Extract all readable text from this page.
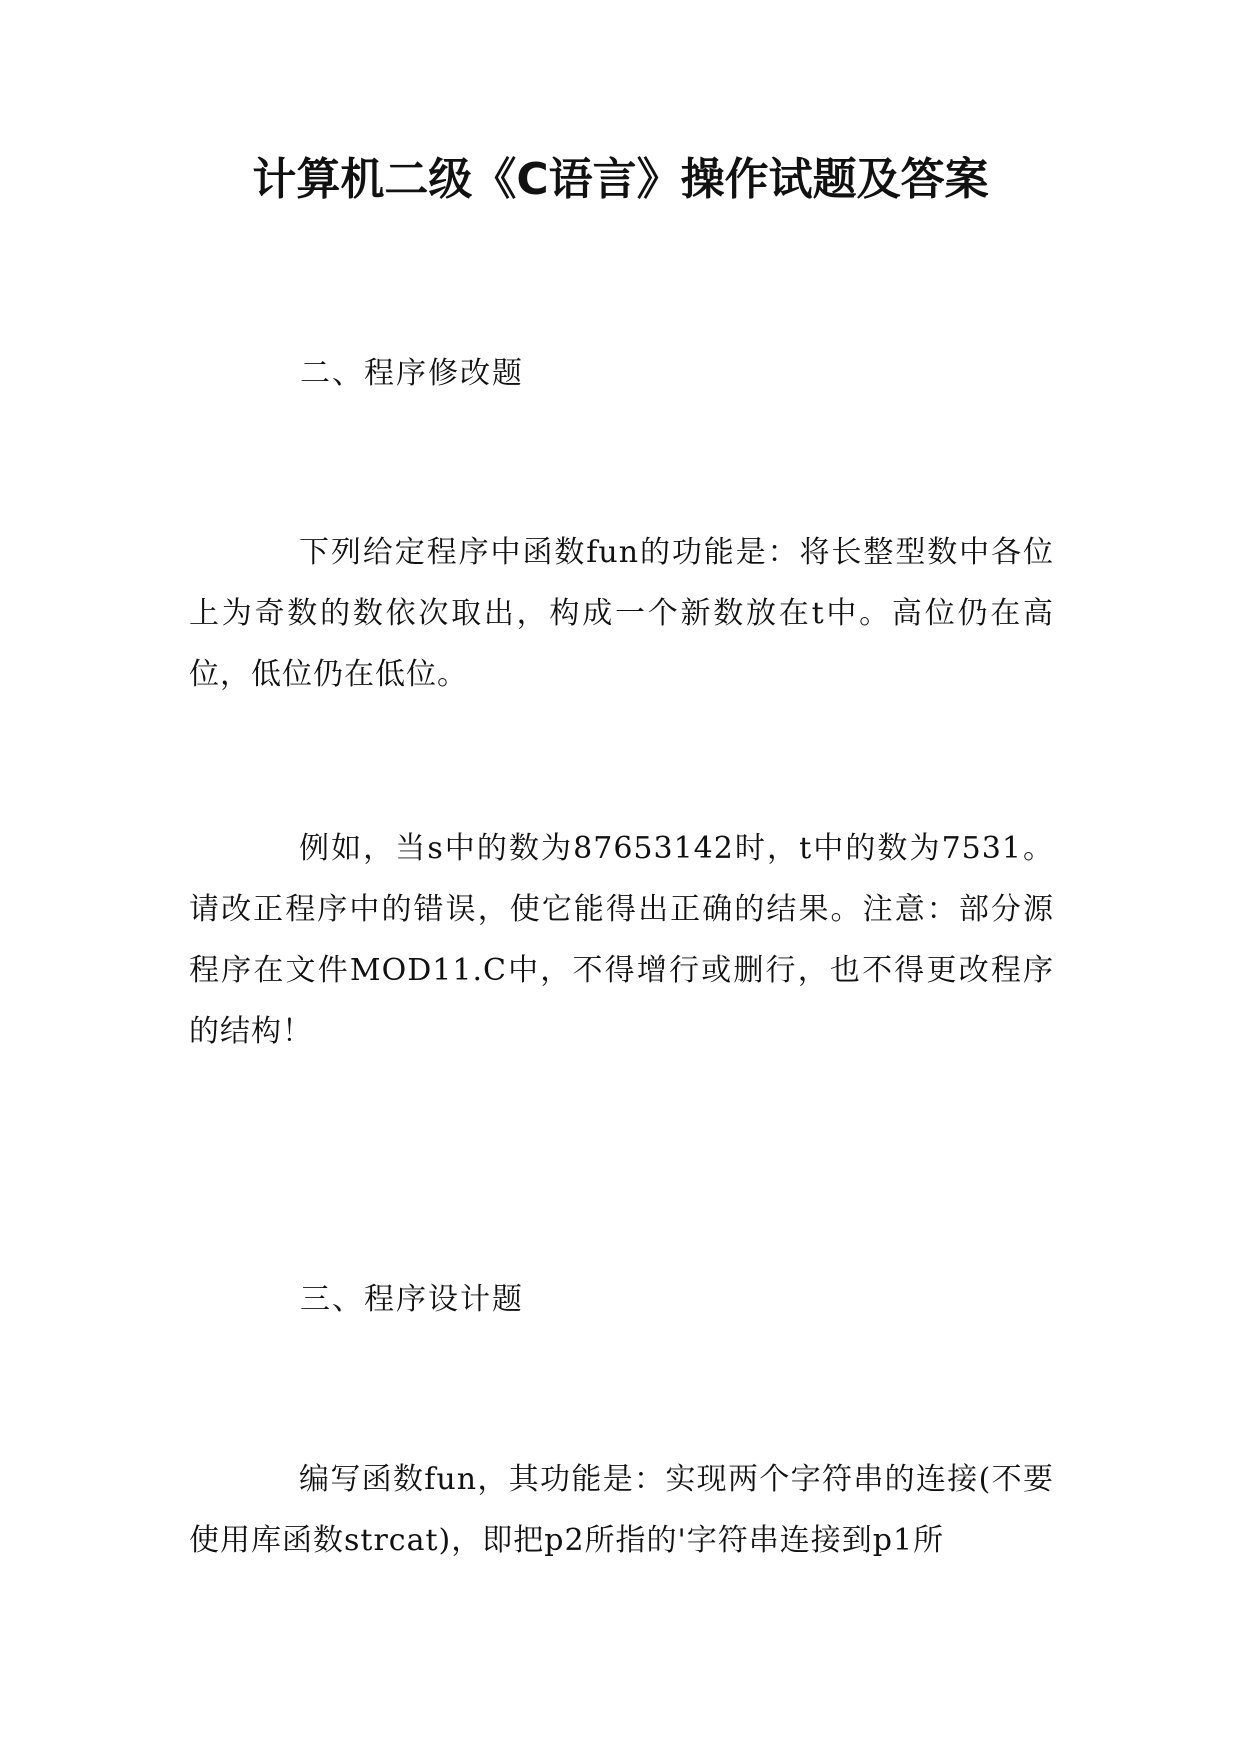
计算机二级《C语言》操作试题及答案
二、程序修改题
下列给定程序中函数fun的功能是：将长整型数中各位上为奇数的数依次取出，构成一个新数放在t中。高位仍在高位，低位仍在低位。
例如，当s中的数为87653142时，t中的数为7531。请改正程序中的错误，使它能得出正确的结果。注意：部分源程序在文件MOD11.C中，不得增行或删行，也不得更改程序的结构！
三、程序设计题
编写函数fun，其功能是：实现两个字符串的连接(不要使用库函数strcat)，即把p2所指的'字符串连接到p1所
